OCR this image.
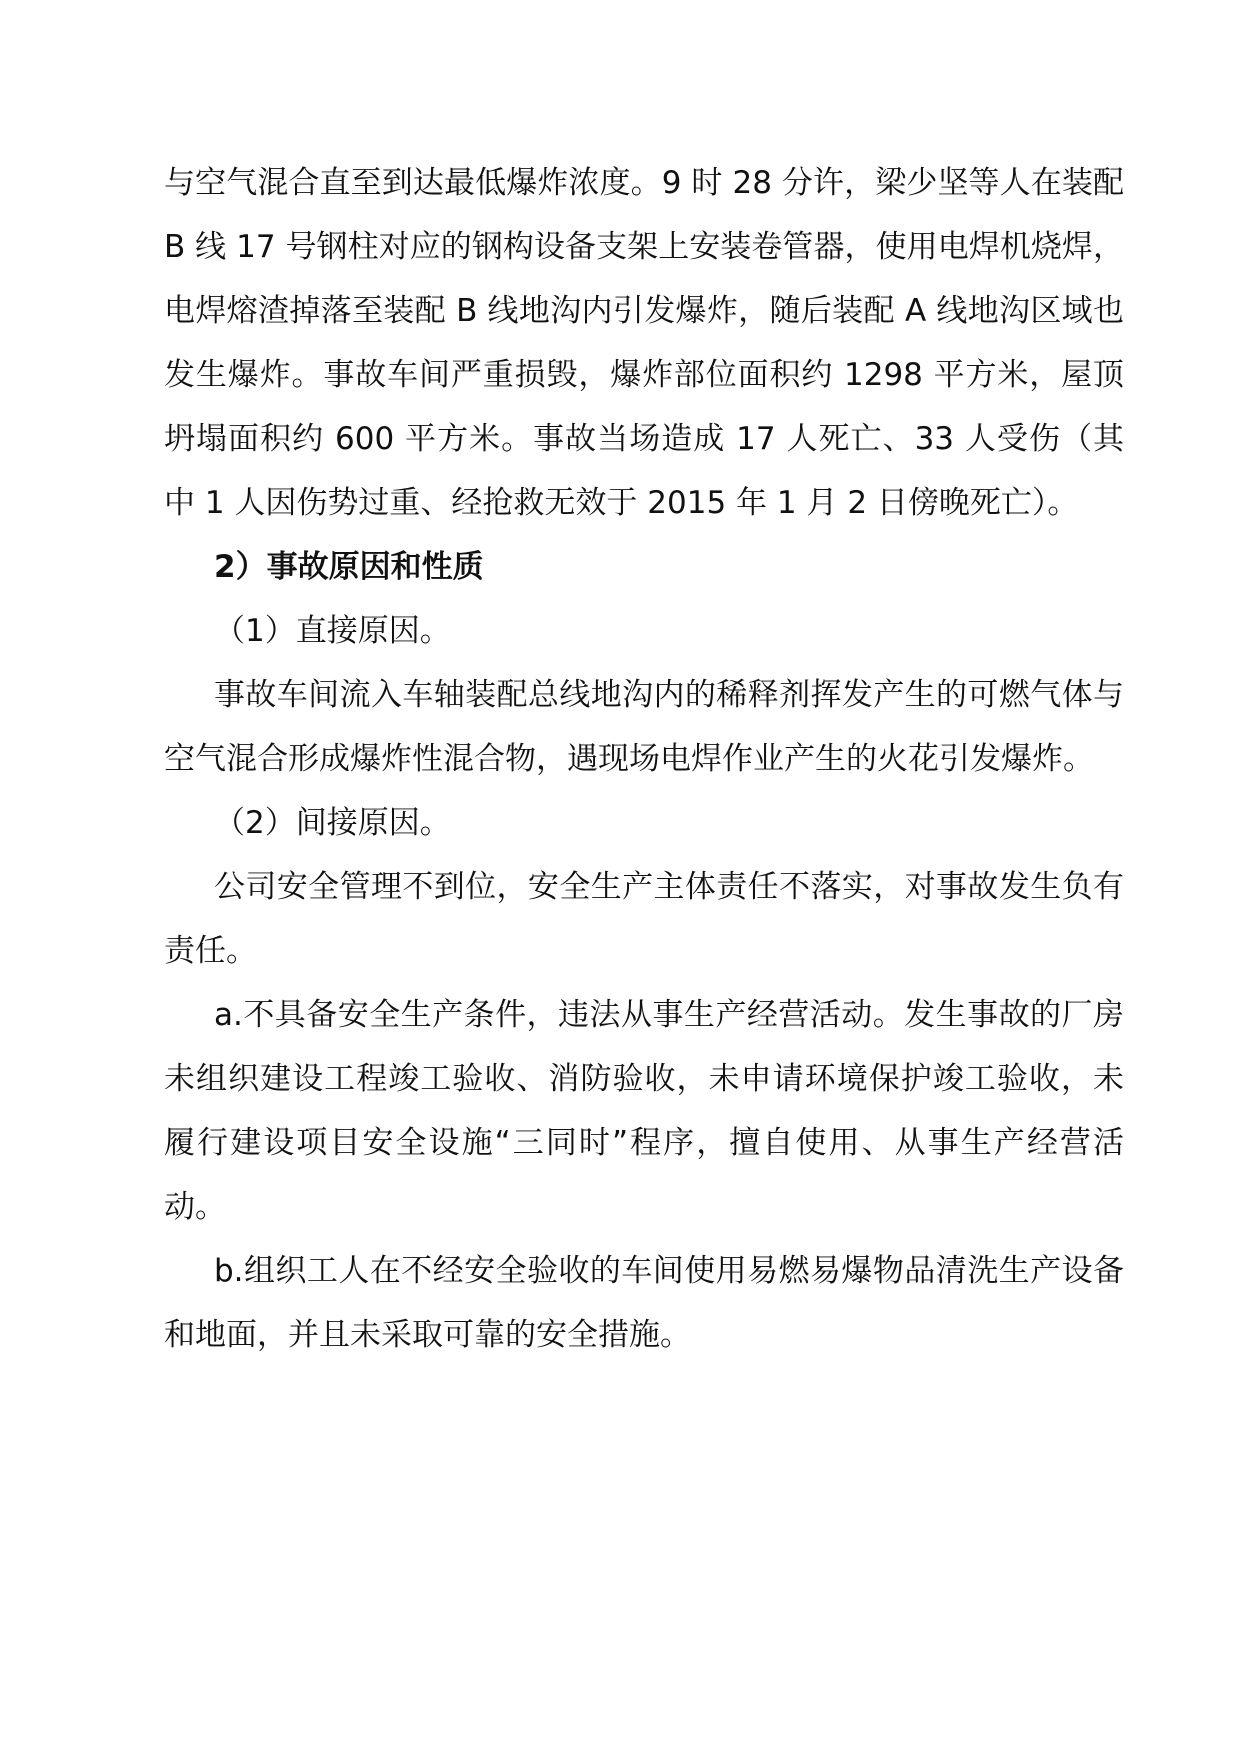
与空气混合直至到达最低爆炸浓度。9 时 28 分许，梁少坚等人在装配 B 线 17 号钢柱对应的钢构设备支架上安装卷管器，使用电焊机烧焊，电焊熔渣掉落至装配 B 线地沟内引发爆炸，随后装配 A 线地沟区域也发生爆炸。事故车间严重损毁，爆炸部位面积约 1298 平方米，屋顶坍塌面积约 600 平方米。事故当场造成 17 人死亡、33 人受伤（其中 1 人因伤势过重、经抢救无效于 2015 年 1 月 2 日傍晚死亡）。

2）事故原因和性质

（1）直接原因。

事故车间流入车轴装配总线地沟内的稀释剂挥发产生的可燃气体与空气混合形成爆炸性混合物，遇现场电焊作业产生的火花引发爆炸。

（2）间接原因。

公司安全管理不到位，安全生产主体责任不落实，对事故发生负有责任。

a.不具备安全生产条件，违法从事生产经营活动。发生事故的厂房未组织建设工程竣工验收、消防验收，未申请环境保护竣工验收，未履行建设项目安全设施“三同时”程序，擅自使用、从事生产经营活动。

b.组织工人在不经安全验收的车间使用易燃易爆物品清洗生产设备和地面，并且未采取可靠的安全措施。
